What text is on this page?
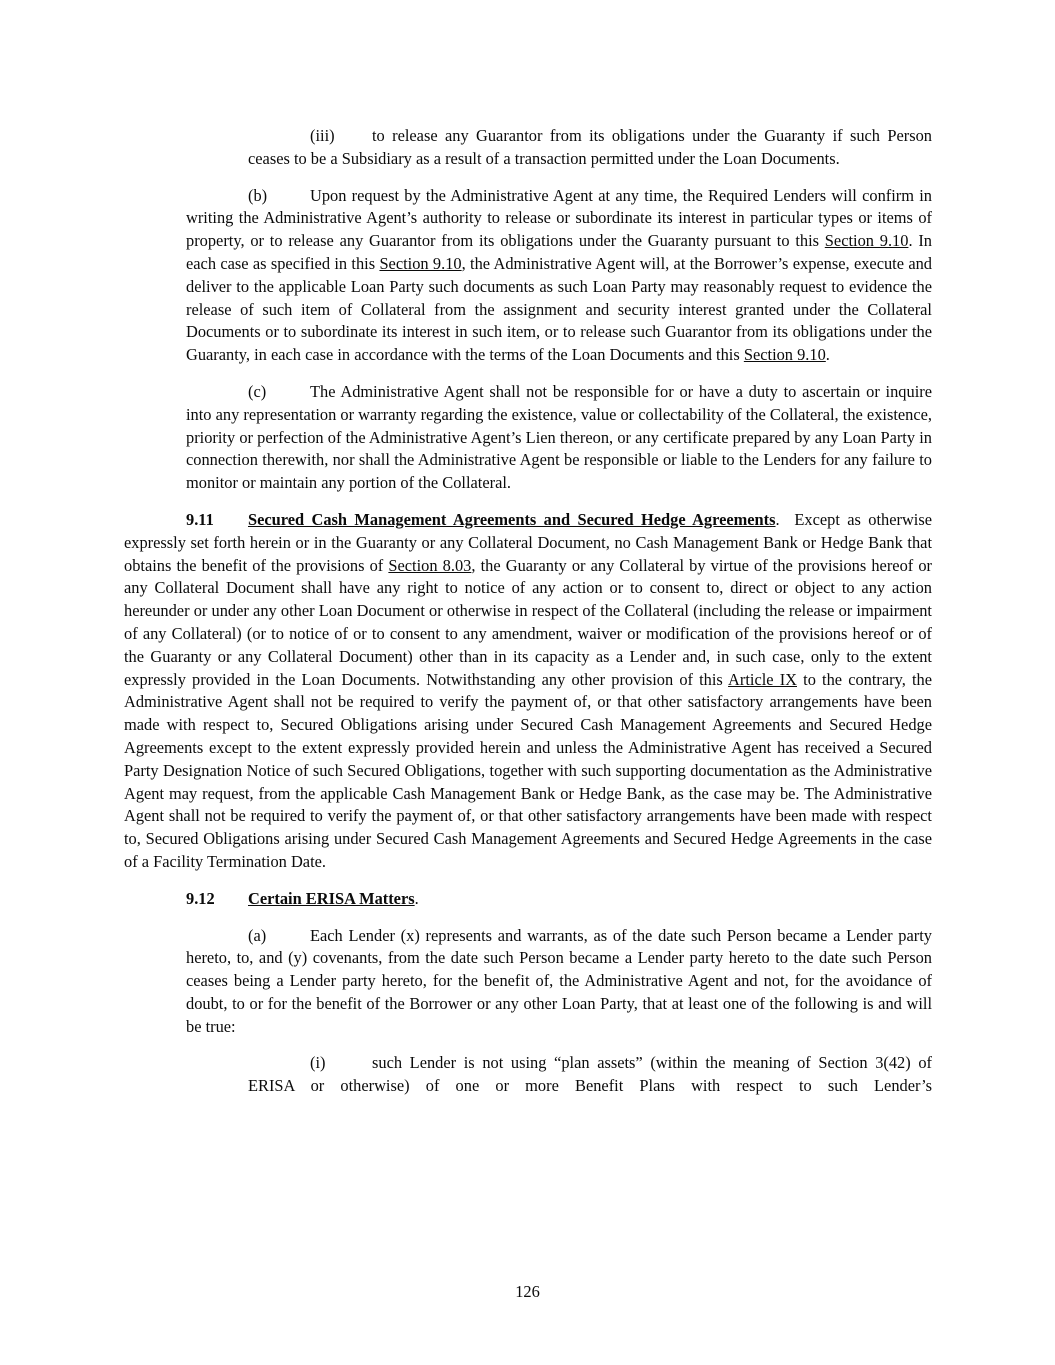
(iii) to release any Guarantor from its obligations under the Guaranty if such Person ceases to be a Subsidiary as a result of a transaction permitted under the Loan Documents.
(b)	Upon request by the Administrative Agent at any time, the Required Lenders will confirm in writing the Administrative Agent’s authority to release or subordinate its interest in particular types or items of property, or to release any Guarantor from its obligations under the Guaranty pursuant to this Section 9.10. In each case as specified in this Section 9.10, the Administrative Agent will, at the Borrower’s expense, execute and deliver to the applicable Loan Party such documents as such Loan Party may reasonably request to evidence the release of such item of Collateral from the assignment and security interest granted under the Collateral Documents or to subordinate its interest in such item, or to release such Guarantor from its obligations under the Guaranty, in each case in accordance with the terms of the Loan Documents and this Section 9.10.
(c)	The Administrative Agent shall not be responsible for or have a duty to ascertain or inquire into any representation or warranty regarding the existence, value or collectability of the Collateral, the existence, priority or perfection of the Administrative Agent’s Lien thereon, or any certificate prepared by any Loan Party in connection therewith, nor shall the Administrative Agent be responsible or liable to the Lenders for any failure to monitor or maintain any portion of the Collateral.
9.11 Secured Cash Management Agreements and Secured Hedge Agreements.  Except as otherwise expressly set forth herein or in the Guaranty or any Collateral Document, no Cash Management Bank or Hedge Bank that obtains the benefit of the provisions of Section 8.03, the Guaranty or any Collateral by virtue of the provisions hereof or any Collateral Document shall have any right to notice of any action or to consent to, direct or object to any action hereunder or under any other Loan Document or otherwise in respect of the Collateral (including the release or impairment of any Collateral) (or to notice of or to consent to any amendment, waiver or modification of the provisions hereof or of the Guaranty or any Collateral Document) other than in its capacity as a Lender and, in such case, only to the extent expressly provided in the Loan Documents. Notwithstanding any other provision of this Article IX to the contrary, the Administrative Agent shall not be required to verify the payment of, or that other satisfactory arrangements have been made with respect to, Secured Obligations arising under Secured Cash Management Agreements and Secured Hedge Agreements except to the extent expressly provided herein and unless the Administrative Agent has received a Secured Party Designation Notice of such Secured Obligations, together with such supporting documentation as the Administrative Agent may request, from the applicable Cash Management Bank or Hedge Bank, as the case may be. The Administrative Agent shall not be required to verify the payment of, or that other satisfactory arrangements have been made with respect to, Secured Obligations arising under Secured Cash Management Agreements and Secured Hedge Agreements in the case of a Facility Termination Date.
9.12 Certain ERISA Matters.
(a)	Each Lender (x) represents and warrants, as of the date such Person became a Lender party hereto, to, and (y) covenants, from the date such Person became a Lender party hereto to the date such Person ceases being a Lender party hereto, for the benefit of, the Administrative Agent and not, for the avoidance of doubt, to or for the benefit of the Borrower or any other Loan Party, that at least one of the following is and will be true:
(i)	such Lender is not using “plan assets” (within the meaning of Section 3(42) of ERISA or otherwise) of one or more Benefit Plans with respect to such Lender’s
126
